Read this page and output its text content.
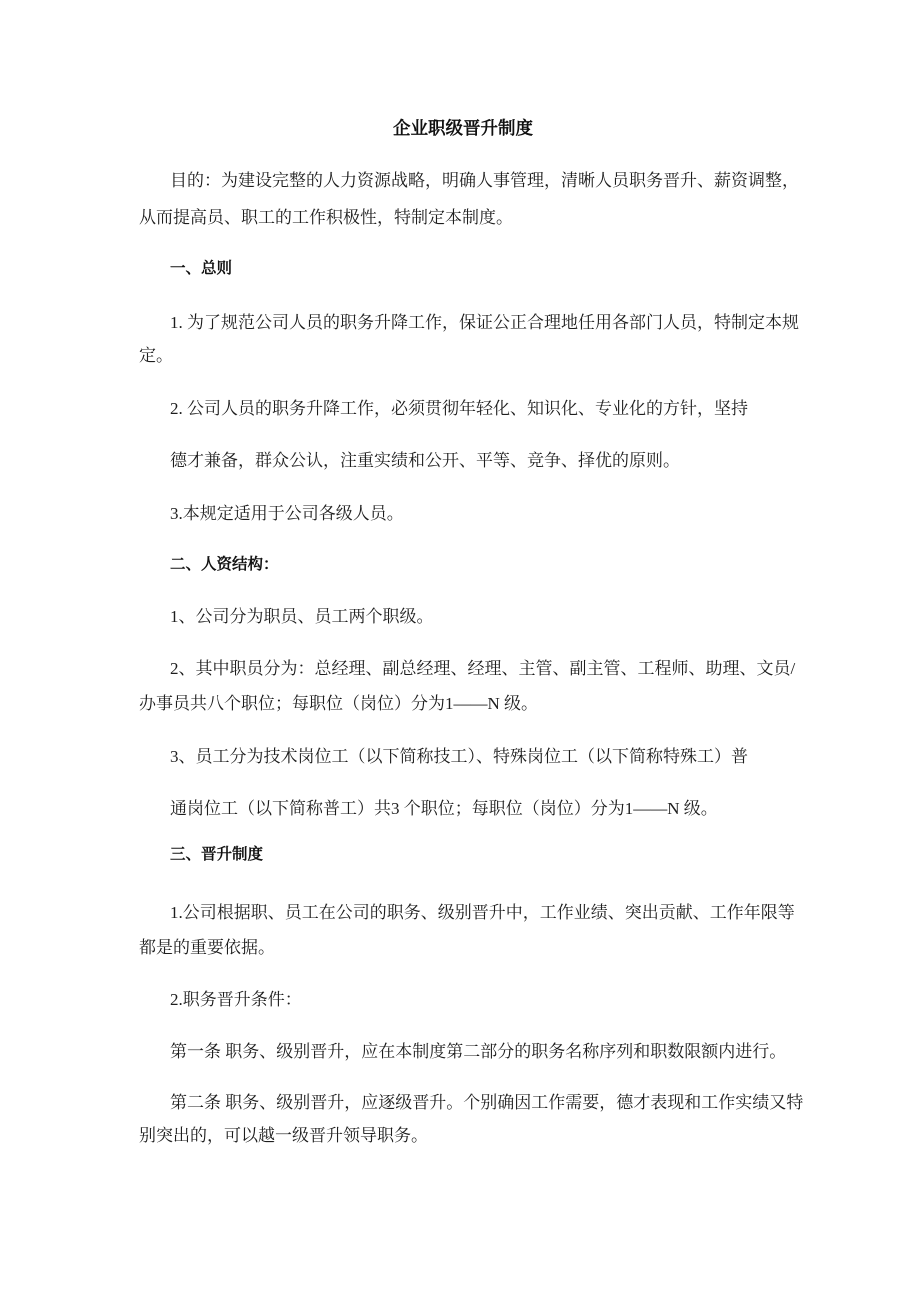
企业职级晋升制度
目的：为建设完整的人力资源战略，明确人事管理，清晰人员职务晋升、薪资调整，
从而提高员、职工的工作积极性，特制定本制度。
一、总则
1. 为了规范公司人员的职务升降工作，保证公正合理地任用各部门人员，特制定本规
定。
2. 公司人员的职务升降工作，必须贯彻年轻化、知识化、专业化的方针，坚持
德才兼备，群众公认，注重实绩和公开、平等、竞争、择优的原则。
3.本规定适用于公司各级人员。
二、人资结构：
1、公司分为职员、员工两个职级。
2、其中职员分为：总经理、副总经理、经理、主管、副主管、工程师、助理、文员/
办事员共八个职位；每职位（岗位）分为1——N 级。
3、员工分为技术岗位工（以下简称技工）、特殊岗位工（以下简称特殊工）普
通岗位工（以下简称普工）共3 个职位；每职位（岗位）分为1——N 级。
三、晋升制度
1.公司根据职、员工在公司的职务、级别晋升中，工作业绩、突出贡献、工作年限等
都是的重要依据。
2.职务晋升条件：
第一条 职务、级别晋升，应在本制度第二部分的职务名称序列和职数限额内进行。
第二条 职务、级别晋升，应逐级晋升。个别确因工作需要，德才表现和工作实绩又特
别突出的，可以越一级晋升领导职务。
